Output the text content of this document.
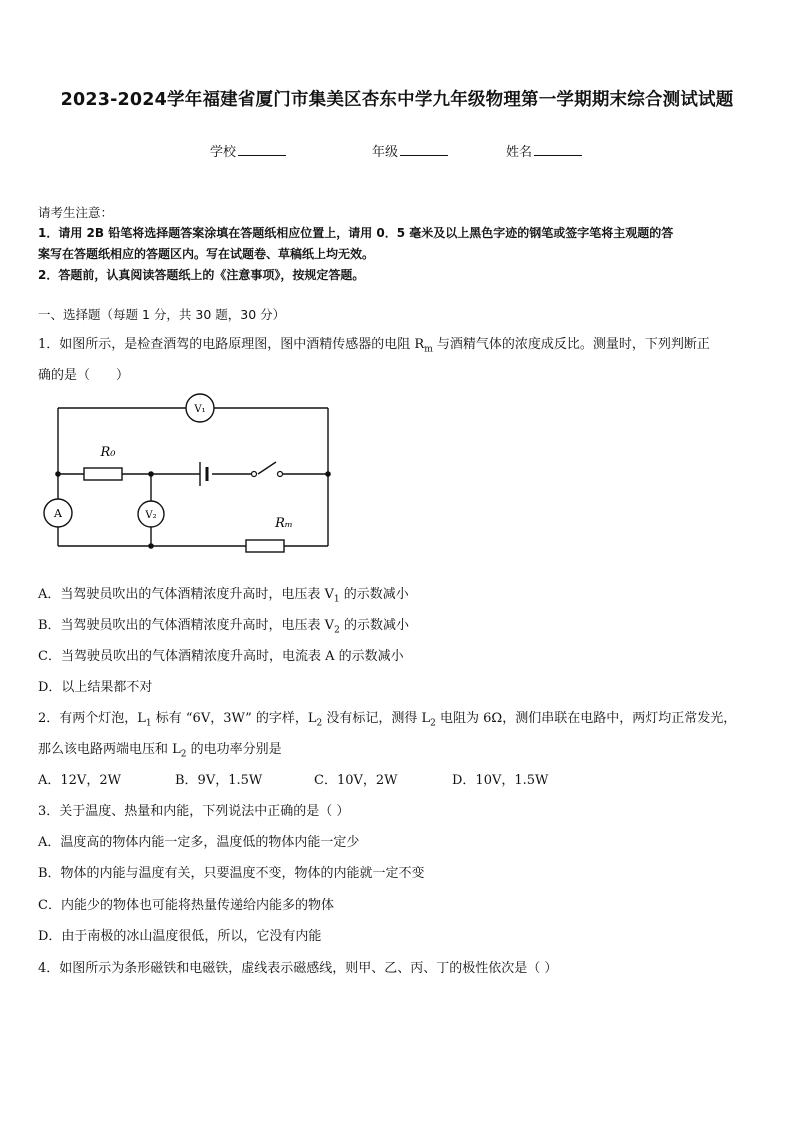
2023-2024学年福建省厦门市集美区杏东中学九年级物理第一学期期末综合测试试题
学校	年级	姓名
请考生注意：
1．请用 2B 铅笔将选择题答案涂填在答题纸相应位置上，请用 0．5 毫米及以上黑色字迹的钢笔或签字笔将主观题的答
案写在答题纸相应的答题区内。写在试题卷、草稿纸上均无效。
2．答题前，认真阅读答题纸上的《注意事项》，按规定答题。
一、选择题（每题 1 分，共 30 题，30 分）
1．如图所示，是检查酒驾的电路原理图，图中酒精传感器的电阻 $R_m$ 与酒精气体的浓度成反比。测量时，下列判断正
确的是（　　）
V₁
V₂
A
R₀
Rₘ
A．当驾驶员吹出的气体酒精浓度升高时，电压表 $V_1$ 的示数减小
B．当驾驶员吹出的气体酒精浓度升高时，电压表 $V_2$ 的示数减小
C．当驾驶员吹出的气体酒精浓度升高时，电流表 A 的示数减小
D．以上结果都不对
2．有两个灯泡，$L_1$ 标有 “6V，3W” 的字样，$L_2$ 没有标记，测得 $L_2$ 电阻为 6Ω，测们串联在电路中，两灯均正常发光，
那么该电路两端电压和 $L_2$ 的电功率分别是
A．12V，2W	B．9V，1.5W	C．10V，2W	D．10V，1.5W
3．关于温度、热量和内能，下列说法中正确的是（ ）
A．温度高的物体内能一定多，温度低的物体内能一定少
B．物体的内能与温度有关，只要温度不变，物体的内能就一定不变
C．内能少的物体也可能将热量传递给内能多的物体
D．由于南极的冰山温度很低，所以，它没有内能
4．如图所示为条形磁铁和电磁铁，虚线表示磁感线，则甲、乙、丙、丁的极性依次是（ ）
